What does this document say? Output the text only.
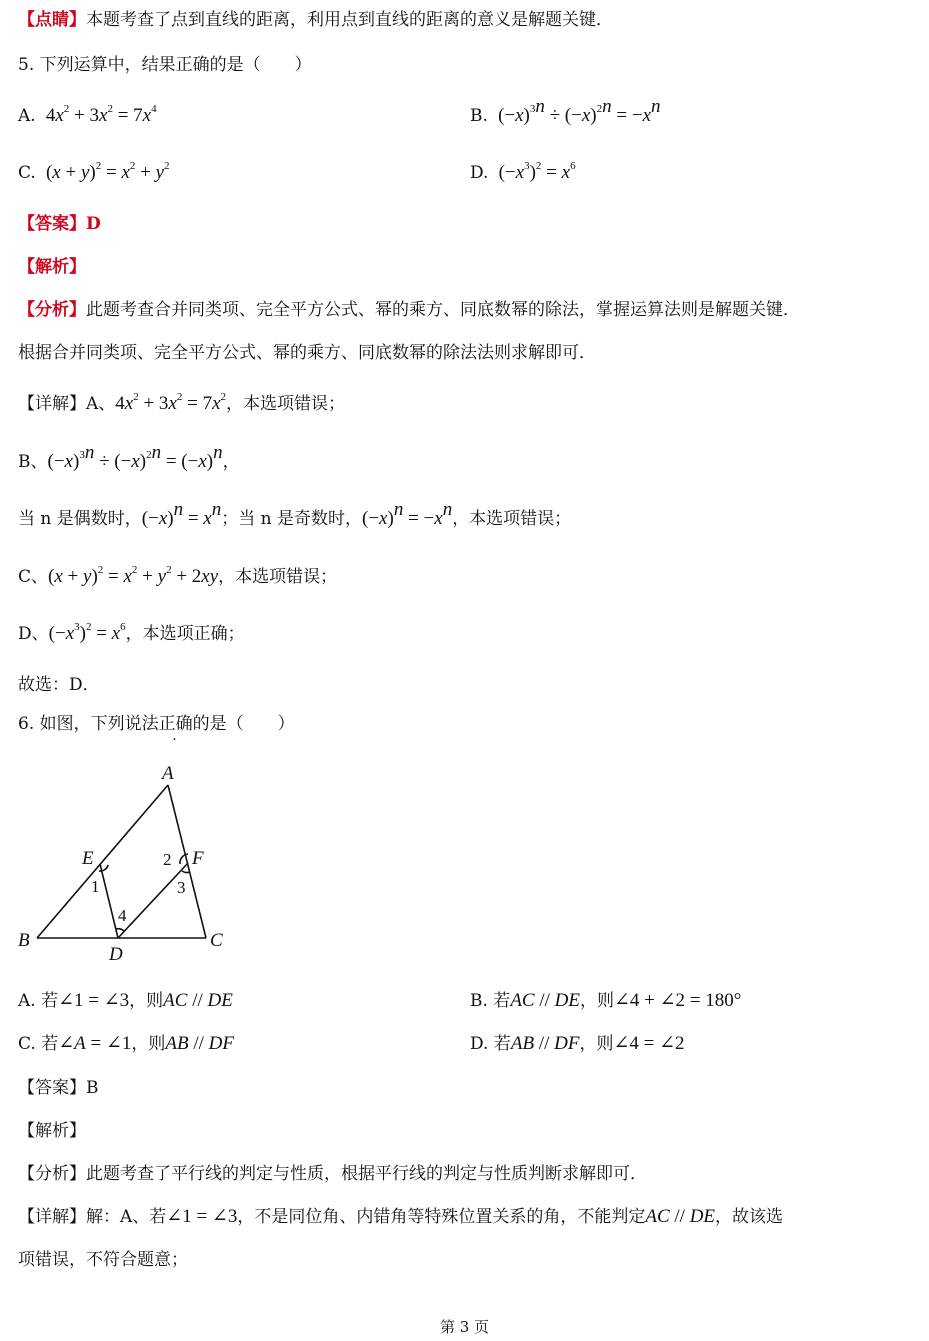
【点睛】本题考查了点到直线的距离，利用点到直线的距离的意义是解题关键．
5. 下列运算中，结果正确的是（　　）
A.  $4x^2 + 3x^2 = 7x^4$	B.  $(-x)^{3n} \div (-x)^{2n} = -x^n$
C.  $(x + y)^2 = x^2 + y^2$	D.  $(-x^3)^2 = x^6$
【答案】D
【解析】
【分析】此题考查合并同类项、完全平方公式、幂的乘方、同底数幂的除法，掌握运算法则是解题关键．
根据合并同类项、完全平方公式、幂的乘方、同底数幂的除法法则求解即可．
【详解】A、$4x^2 + 3x^2 = 7x^2$，本选项错误；
B、$(-x)^{3n} \div (-x)^{2n} = (-x)^n$，
当 n 是偶数时，$(-x)^n = x^n$；当 n 是奇数时，$(-x)^n = -x^n$，本选项错误；
C、$(x + y)^2 = x^2 + y^2 + 2xy$，本选项错误；
D、$(-x^3)^2 = x^6$，本选项正确；
故选：D．
6. 如图，下列说法正确的是（　　）
A
B	C
D
E	F
1
2
3
4
A. 若∠1 = ∠3，则AC // DE	B. 若AC // DE，则∠4 + ∠2 = 180°
C. 若∠A = ∠1，则AB // DF	D. 若AB // DF，则∠4 = ∠2
【答案】B
【解析】
【分析】此题考查了平行线的判定与性质，根据平行线的判定与性质判断求解即可．
【详解】解：A、若∠1 = ∠3，不是同位角、内错角等特殊位置关系的角，不能判定AC // DE，故该选
项错误，不符合题意；
第 3 页
